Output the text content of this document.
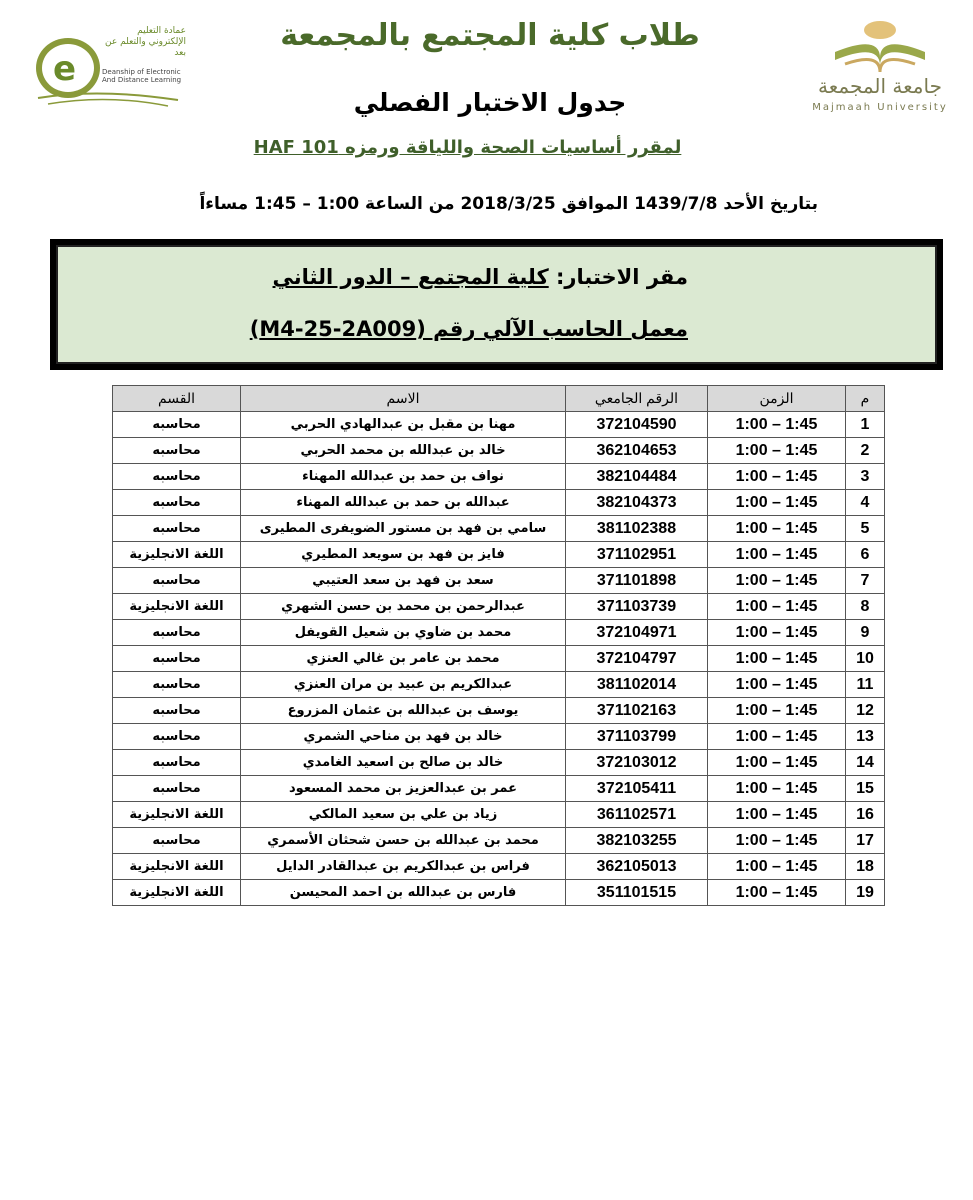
e
عمادة التعليم الإلكتروني والتعلم عن بعد
Deanship of Electronic And Distance Learning	جامعة المجمعة
Majmaah University
طلاب كلية المجتمع بالمجمعة
جدول الاختبار الفصلي
لمقرر أساسيات الصحة واللياقة ورمزه HAF 101
بتاريخ الأحد 1439/7/8 الموافق 2018/3/25 من الساعة 1:00 – 1:45 مساءاً
مقر الاختبار: كلية المجتمع – الدور الثاني
معمل الحاسب الآلي رقم (M4-25-2A009)
م	الزمن	الرقم الجامعي	الاسم	القسم
1	1:00 – 1:45	372104590	مهنا بن مقبل بن عبدالهادي الحربي	محاسبه
2	1:00 – 1:45	362104653	خالد بن عبدالله بن محمد الحربي	محاسبه
3	1:00 – 1:45	382104484	نواف بن حمد بن عبدالله المهناء	محاسبه
4	1:00 – 1:45	382104373	عبدالله بن حمد بن عبدالله المهناء	محاسبه
5	1:00 – 1:45	381102388	سامي بن فهد بن مستور الضويفرى المطيرى	محاسبه
6	1:00 – 1:45	371102951	فايز بن فهد بن سويعد المطيري	اللغة الانجليزية
7	1:00 – 1:45	371101898	سعد بن فهد بن سعد العتيبي	محاسبه
8	1:00 – 1:45	371103739	عبدالرحمن بن محمد بن حسن الشهري	اللغة الانجليزية
9	1:00 – 1:45	372104971	محمد بن ضاوي بن شعيل القويفل	محاسبه
10	1:00 – 1:45	372104797	محمد بن عامر بن غالي العنزي	محاسبه
11	1:00 – 1:45	381102014	عبدالكريم بن عبيد بن مران العنزي	محاسبه
12	1:00 – 1:45	371102163	يوسف بن عبدالله بن عثمان المزروع	محاسبه
13	1:00 – 1:45	371103799	خالد بن فهد بن مناحي الشمري	محاسبه
14	1:00 – 1:45	372103012	خالد بن صالح بن اسعيد الغامدي	محاسبه
15	1:00 – 1:45	372105411	عمر بن عبدالعزيز بن محمد المسعود	محاسبه
16	1:00 – 1:45	361102571	زياد بن علي بن سعيد المالكي	اللغة الانجليزية
17	1:00 – 1:45	382103255	محمد بن عبدالله بن حسن شحثان الأسمري	محاسبه
18	1:00 – 1:45	362105013	فراس بن عبدالكريم بن عبدالقادر الدايل	اللغة الانجليزية
19	1:00 – 1:45	351101515	فارس بن عبدالله بن احمد المحيسن	اللغة الانجليزية
